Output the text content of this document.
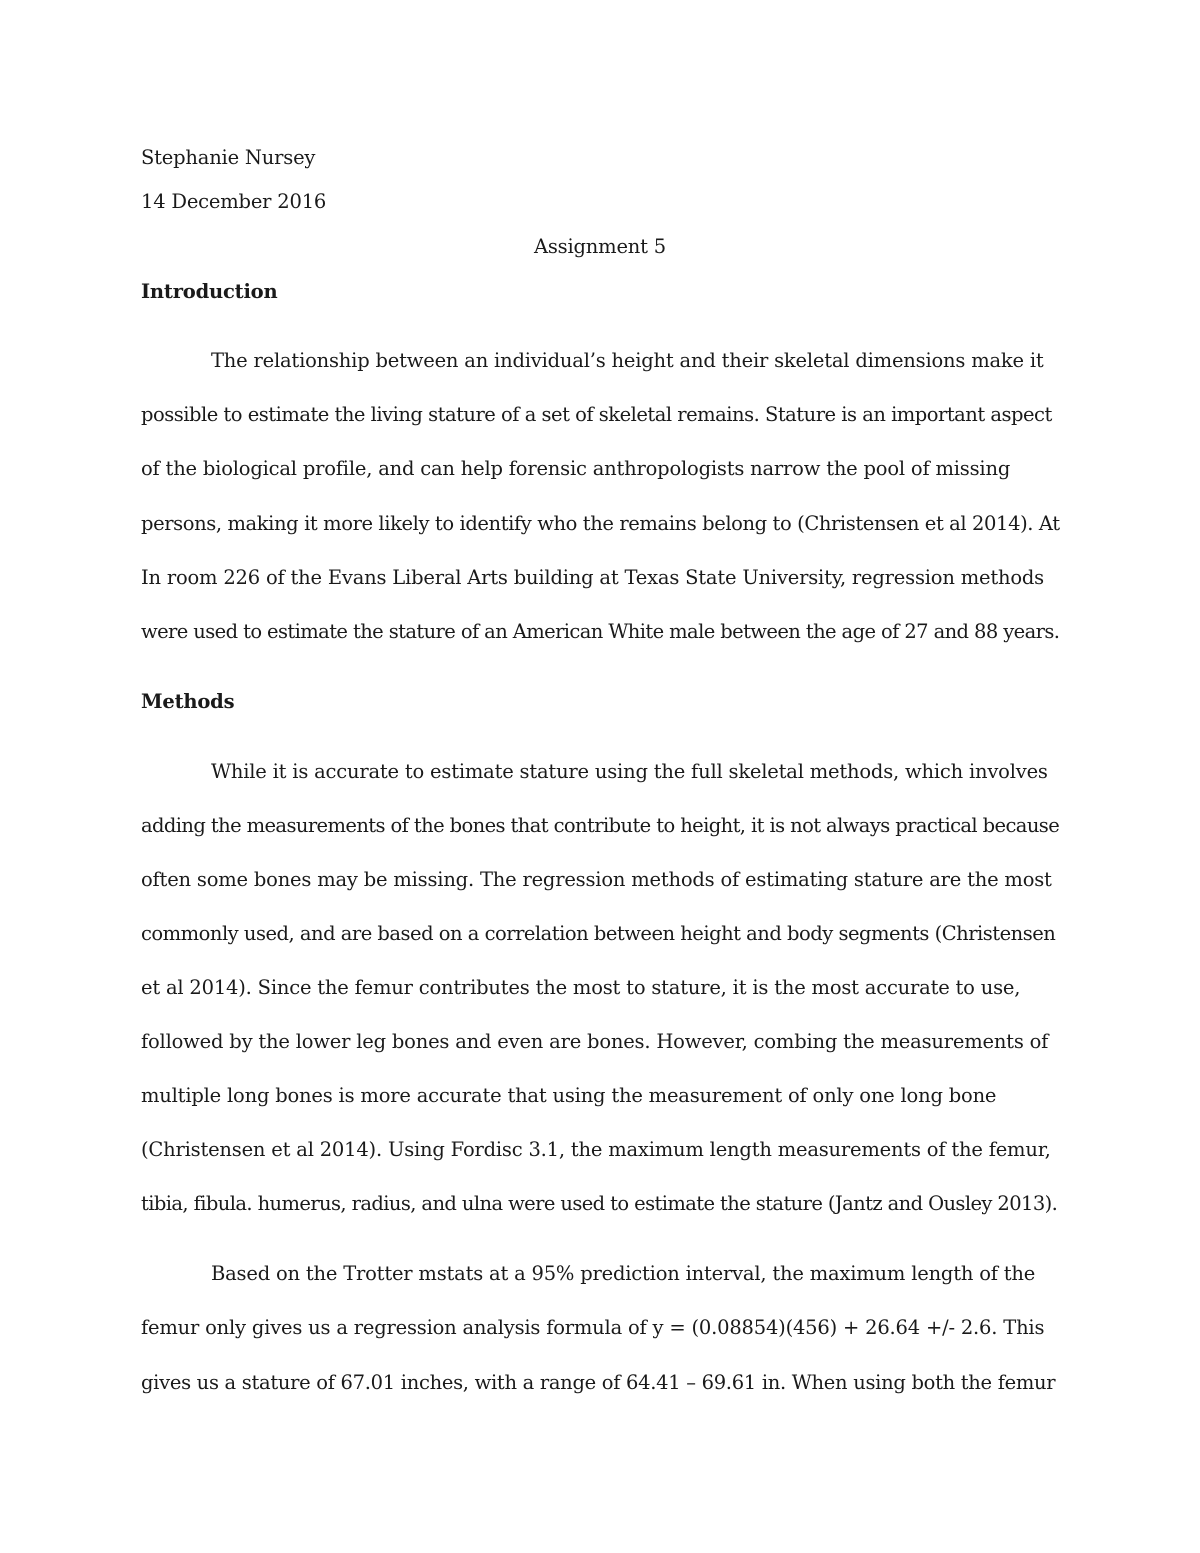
Stephanie Nursey
14 December 2016
Assignment 5
Introduction
The relationship between an individual’s height and their skeletal dimensions make it
possible to estimate the living stature of a set of skeletal remains. Stature is an important aspect
of the biological profile, and can help forensic anthropologists narrow the pool of missing
persons, making it more likely to identify who the remains belong to (Christensen et al 2014). At
In room 226 of the Evans Liberal Arts building at Texas State University, regression methods
were used to estimate the stature of an American White male between the age of 27 and 88 years.
Methods
While it is accurate to estimate stature using the full skeletal methods, which involves
adding the measurements of the bones that contribute to height, it is not always practical because
often some bones may be missing. The regression methods of estimating stature are the most
commonly used, and are based on a correlation between height and body segments (Christensen
et al 2014). Since the femur contributes the most to stature, it is the most accurate to use,
followed by the lower leg bones and even are bones. However, combing the measurements of
multiple long bones is more accurate that using the measurement of only one long bone
(Christensen et al 2014). Using Fordisc 3.1, the maximum length measurements of the femur,
tibia, fibula. humerus, radius, and ulna were used to estimate the stature (Jantz and Ousley 2013).
Based on the Trotter mstats at a 95% prediction interval, the maximum length of the
femur only gives us a regression analysis formula of y = (0.08854)(456) + 26.64 +/- 2.6. This
gives us a stature of 67.01 inches, with a range of 64.41 – 69.61 in. When using both the femur
